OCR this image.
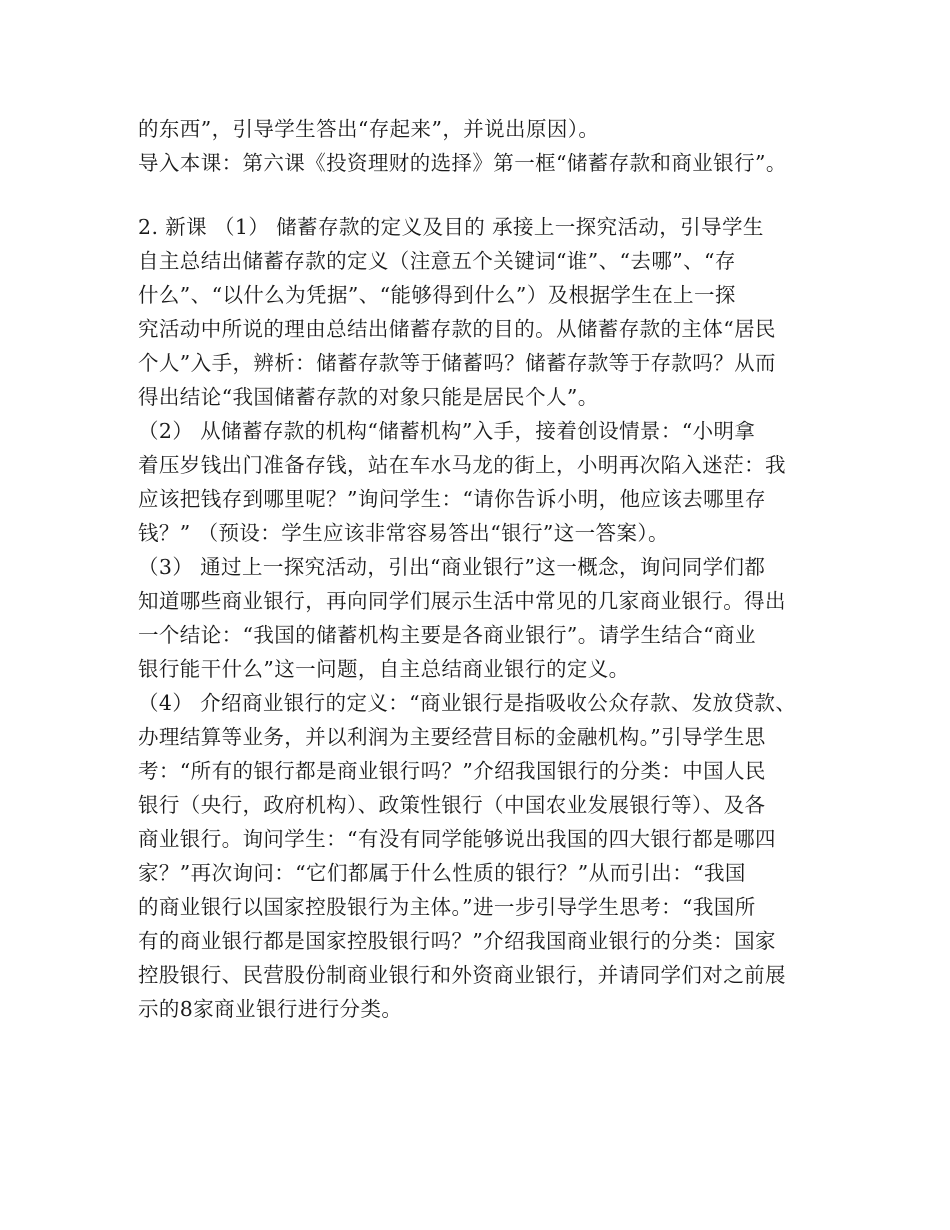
的东西”，引导学生答出“存起来”，并说出原因）。
导入本课：第六课《投资理财的选择》第一框“储蓄存款和商业银行”。
2. 新课 （1） 储蓄存款的定义及目的 承接上一探究活动，引导学生
自主总结出储蓄存款的定义（注意五个关键词“谁”、“去哪”、“存
什么”、“以什么为凭据”、“能够得到什么”）及根据学生在上一探
究活动中所说的理由总结出储蓄存款的目的。从储蓄存款的主体“居民
个人”入手，辨析：储蓄存款等于储蓄吗？储蓄存款等于存款吗？从而
得出结论“我国储蓄存款的对象只能是居民个人”。
（2） 从储蓄存款的机构“储蓄机构”入手，接着创设情景：“小明拿
着压岁钱出门准备存钱，站在车水马龙的街上，小明再次陷入迷茫：我
应该把钱存到哪里呢？”询问学生：“请你告诉小明，他应该去哪里存
钱？” （预设：学生应该非常容易答出“银行”这一答案）。
（3） 通过上一探究活动，引出“商业银行”这一概念，询问同学们都
知道哪些商业银行，再向同学们展示生活中常见的几家商业银行。得出
一个结论：“我国的储蓄机构主要是各商业银行”。请学生结合“商业
银行能干什么”这一问题，自主总结商业银行的定义。
（4） 介绍商业银行的定义：“商业银行是指吸收公众存款、发放贷款、
办理结算等业务，并以利润为主要经营目标的金融机构。”引导学生思
考：“所有的银行都是商业银行吗？”介绍我国银行的分类：中国人民
银行（央行，政府机构）、政策性银行（中国农业发展银行等）、及各
商业银行。询问学生：“有没有同学能够说出我国的四大银行都是哪四
家？”再次询问：“它们都属于什么性质的银行？”从而引出：“我国
的商业银行以国家控股银行为主体。”进一步引导学生思考：“我国所
有的商业银行都是国家控股银行吗？”介绍我国商业银行的分类：国家
控股银行、民营股份制商业银行和外资商业银行，并请同学们对之前展
示的8家商业银行进行分类。
